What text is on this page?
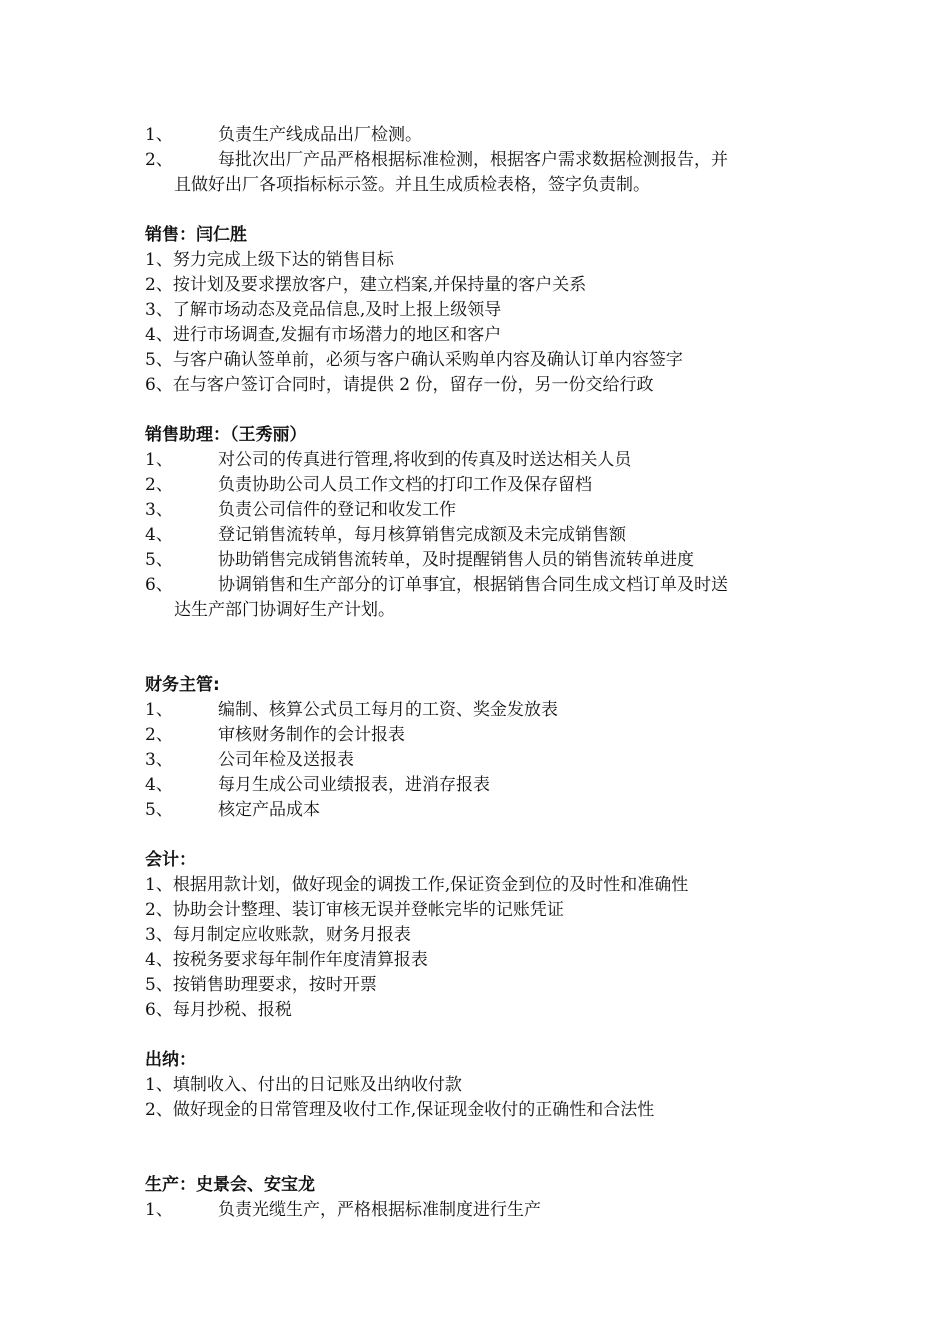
1、	负责生产线成品出厂检测。
2、	每批次出厂产品严格根据标准检测，根据客户需求数据检测报告，并
且做好出厂各项指标标示签。并且生成质检表格，签字负责制。
销售：闫仁胜
1、努力完成上级下达的销售目标
2、按计划及要求摆放客户，建立档案,并保持量的客户关系
3、了解市场动态及竞品信息,及时上报上级领导
4、进行市场调查,发掘有市场潜力的地区和客户
5、与客户确认签单前，必须与客户确认采购单内容及确认订单内容签字
6、在与客户签订合同时，请提供 2 份，留存一份，另一份交给行政
销售助理：（王秀丽）
1、	对公司的传真进行管理,将收到的传真及时送达相关人员
2、	负责协助公司人员工作文档的打印工作及保存留档
3、	负责公司信件的登记和收发工作
4、	登记销售流转单，每月核算销售完成额及未完成销售额
5、	协助销售完成销售流转单，及时提醒销售人员的销售流转单进度
6、	协调销售和生产部分的订单事宜，根据销售合同生成文档订单及时送
达生产部门协调好生产计划。
财务主管:
1、	编制、核算公式员工每月的工资、奖金发放表
2、	审核财务制作的会计报表
3、	公司年检及送报表
4、	每月生成公司业绩报表，进消存报表
5、	核定产品成本
会计：
1、根据用款计划，做好现金的调拨工作,保证资金到位的及时性和准确性
2、协助会计整理、装订审核无误并登帐完毕的记账凭证
3、每月制定应收账款，财务月报表
4、按税务要求每年制作年度清算报表
5、按销售助理要求，按时开票
6、每月抄税、报税
出纳：
1、填制收入、付出的日记账及出纳收付款
2、做好现金的日常管理及收付工作,保证现金收付的正确性和合法性
生产：史景会、安宝龙
1、	负责光缆生产，严格根据标准制度进行生产
